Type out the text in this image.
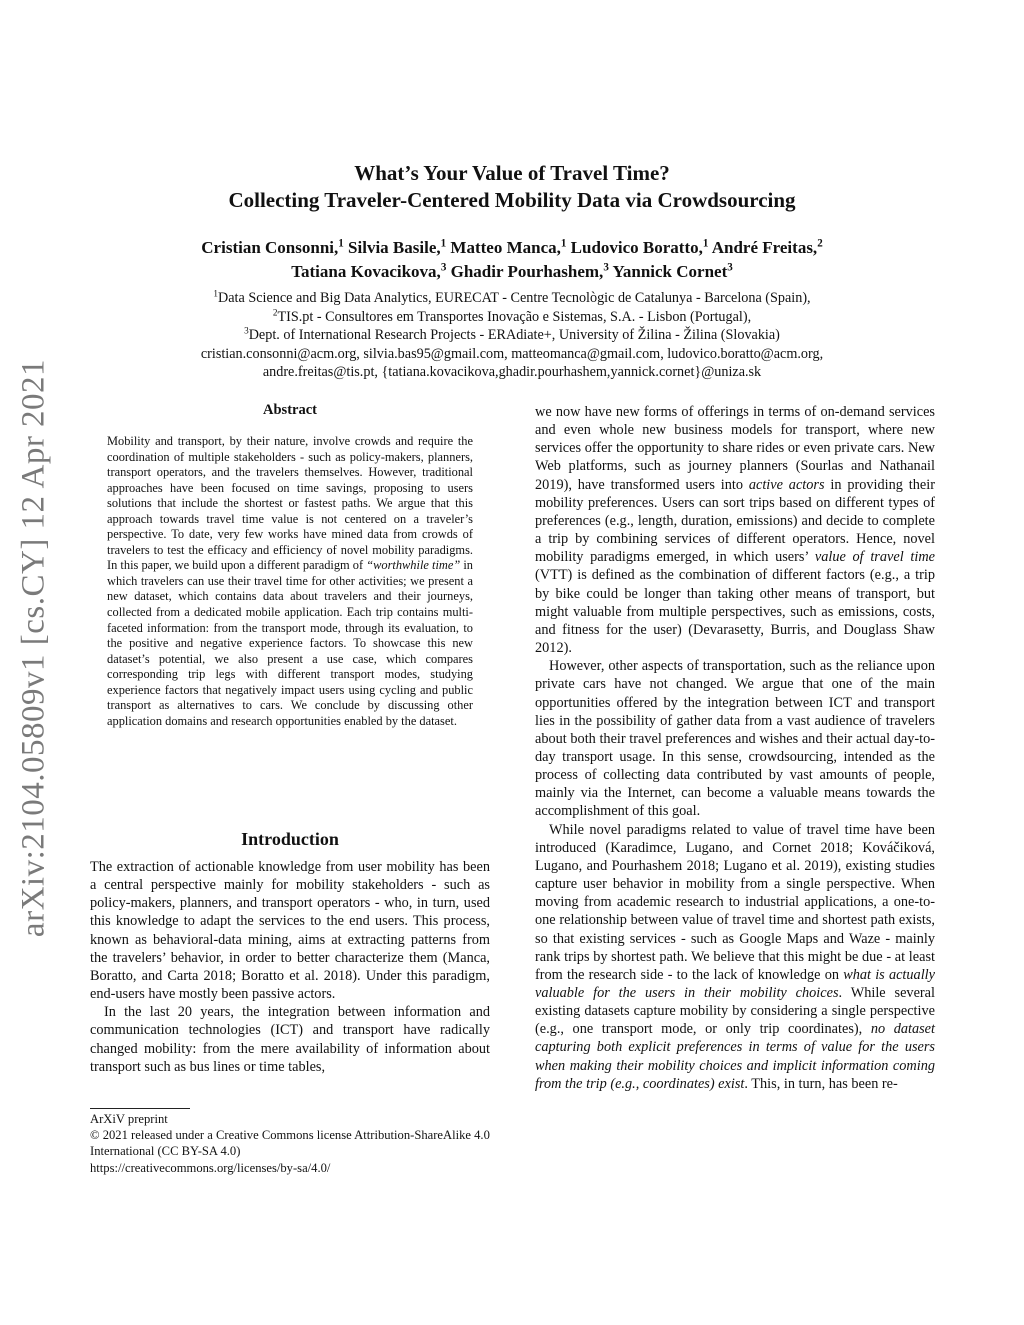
arXiv:2104.05809v1 [cs.CY] 12 Apr 2021
What’s Your Value of Travel Time?
Collecting Traveler-Centered Mobility Data via Crowdsourcing
Cristian Consonni,$^1$ Silvia Basile,$^1$ Matteo Manca,$^1$ Ludovico Boratto,$^1$ André Freitas,$^2$
Tatiana Kovacikova,$^3$ Ghadir Pourhashem,$^3$ Yannick Cornet$^3$
$^1$Data Science and Big Data Analytics, EURECAT - Centre Tecnològic de Catalunya - Barcelona (Spain),
$^2$TIS.pt - Consultores em Transportes Inovação e Sistemas, S.A. - Lisbon (Portugal),
$^3$Dept. of International Research Projects - ERAdiate+, University of Žilina - Žilina (Slovakia)
cristian.consonni@acm.org, silvia.bas95@gmail.com, matteomanca@gmail.com, ludovico.boratto@acm.org,
andre.freitas@tis.pt, {tatiana.kovacikova,ghadir.pourhashem,yannick.cornet}@uniza.sk
Abstract
Mobility and transport, by their nature, involve crowds and require the coordination of multiple stakeholders - such as policy-makers, planners, transport operators, and the travelers themselves. However, traditional approaches have been focused on time savings, proposing to users solutions that include the shortest or fastest paths. We argue that this approach towards travel time value is not centered on a traveler’s perspective. To date, very few works have mined data from crowds of travelers to test the efficacy and efficiency of novel mobility paradigms. In this paper, we build upon a different paradigm of “worthwhile time” in which travelers can use their travel time for other activities; we present a new dataset, which contains data about travelers and their journeys, collected from a dedicated mobile application. Each trip contains multi-faceted information: from the transport mode, through its evaluation, to the positive and negative experience factors. To showcase this new dataset’s potential, we also present a use case, which compares corresponding trip legs with different transport modes, studying experience factors that negatively impact users using cycling and public transport as alternatives to cars. We conclude by discussing other application domains and research opportunities enabled by the dataset.
Introduction

The extraction of actionable knowledge from user mobility has been a central perspective mainly for mobility stakeholders - such as policy-makers, planners, and transport operators - who, in turn, used this knowledge to adapt the services to the end users. This process, known as behavioral-data mining, aims at extracting patterns from the travelers’ behavior, in order to better characterize them (Manca, Boratto, and Carta 2018; Boratto et al. 2018). Under this paradigm, end-users have mostly been passive actors.

In the last 20 years, the integration between information and communication technologies (ICT) and transport have radically changed mobility: from the mere availability of information about transport such as bus lines or time tables,

ArXiV preprint

© 2021 released under a Creative Commons license Attribution-ShareAlike 4.0 International (CC BY-SA 4.0)

https://creativecommons.org/licenses/by-sa/4.0/

we now have new forms of offerings in terms of on-demand services and even whole new business models for transport, where new services offer the opportunity to share rides or even private cars. New Web platforms, such as journey planners (Sourlas and Nathanail 2019), have transformed users into active actors in providing their mobility preferences. Users can sort trips based on different types of preferences (e.g., length, duration, emissions) and decide to complete a trip by combining services of different operators. Hence, novel mobility paradigms emerged, in which users’ value of travel time (VTT) is defined as the combination of different factors (e.g., a trip by bike could be longer than taking other means of transport, but might valuable from multiple perspectives, such as emissions, costs, and fitness for the user) (Devarasetty, Burris, and Douglass Shaw 2012).

However, other aspects of transportation, such as the reliance upon private cars have not changed. We argue that one of the main opportunities offered by the integration between ICT and transport lies in the possibility of gather data from a vast audience of travelers about both their travel preferences and wishes and their actual day-to-day transport usage. In this sense, crowdsourcing, intended as the process of collecting data contributed by vast amounts of people, mainly via the Internet, can become a valuable means towards the accomplishment of this goal.

While novel paradigms related to value of travel time have been introduced (Karadimce, Lugano, and Cornet 2018; Kováčiková, Lugano, and Pourhashem 2018; Lugano et al. 2019), existing studies capture user behavior in mobility from a single perspective. When moving from academic research to industrial applications, a one-to-one relationship between value of travel time and shortest path exists, so that existing services - such as Google Maps and Waze - mainly rank trips by shortest path. We believe that this might be due - at least from the research side - to the lack of knowledge on what is actually valuable for the users in their mobility choices. While several existing datasets capture mobility by considering a single perspective (e.g., one transport mode, or only trip coordinates), no dataset capturing both explicit preferences in terms of value for the users when making their mobility choices and implicit information coming from the trip (e.g., coordinates) exist. This, in turn, has been re-
